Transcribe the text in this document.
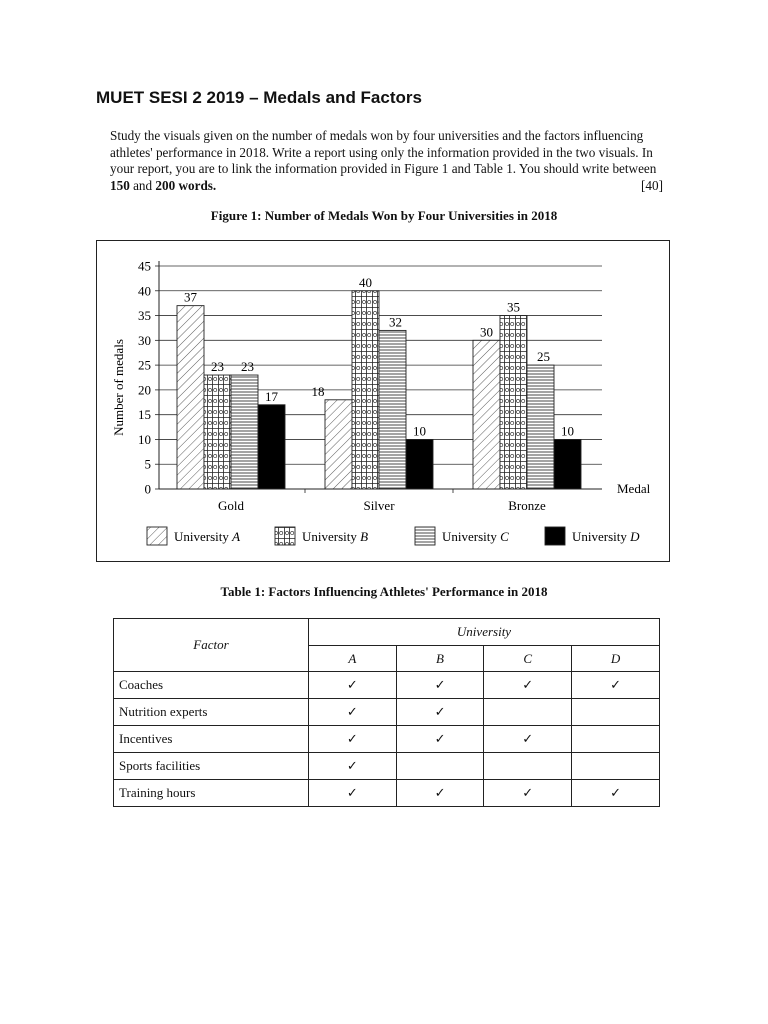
MUET SESI 2 2019 – Medals and Factors
Study the visuals given on the number of medals won by four universities and the factors influencing athletes' performance in 2018. Write a report using only the information provided in the two visuals. In your report, you are to link the information provided in Figure 1 and Table 1. You should write between 150 and 200 words.	[40]
Figure 1: Number of Medals Won by Four Universities in 2018
0
5
10
15
20
25
30
35
40
45
Gold	Silver	Bronze
Medal
Number of medals
37
23 23
17	18
40
32
10
30
35
25
10
University A	University B	University C	University D
Table 1: Factors Influencing Athletes' Performance in 2018
Factor	University			
	A	B	C	D
Coaches	✓	✓	✓	✓
Nutrition experts	✓	✓		
Incentives	✓	✓	✓	
Sports facilities	✓			
Training hours	✓	✓	✓	✓
